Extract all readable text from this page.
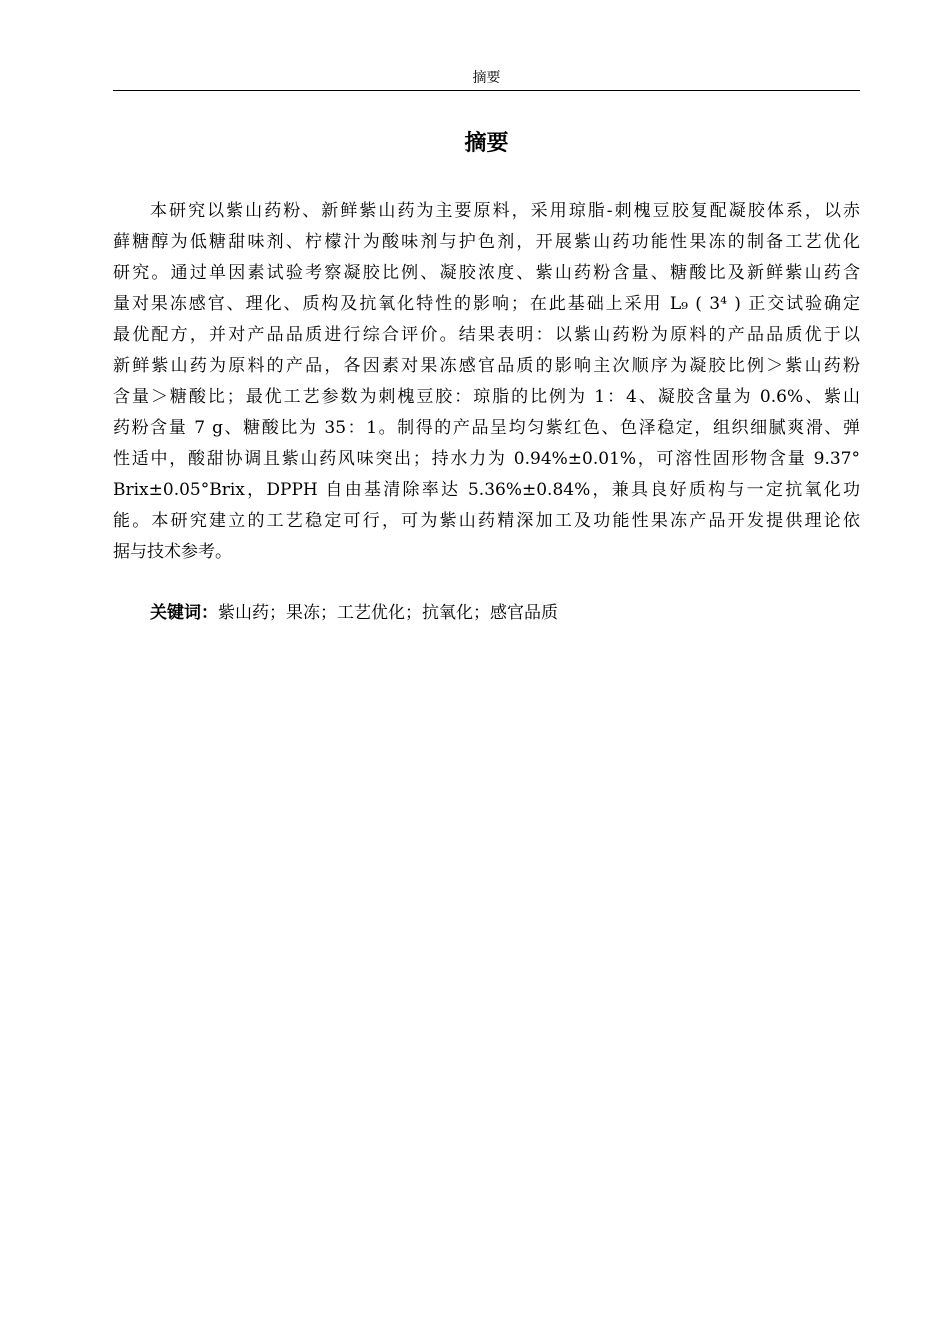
摘要
摘要
本研究以紫山药粉、新鲜紫山药为主要原料，采用琼脂-刺槐豆胶复配凝胶体系，以赤
藓糖醇为低糖甜味剂、柠檬汁为酸味剂与护色剂，开展紫山药功能性果冻的制备工艺优化
研究。通过单因素试验考察凝胶比例、凝胶浓度、紫山药粉含量、糖酸比及新鲜紫山药含
量对果冻感官、理化、质构及抗氧化特性的影响；在此基础上采用 L₉ ( 3⁴ ) 正交试验确定
最优配方，并对产品品质进行综合评价。结果表明：以紫山药粉为原料的产品品质优于以
新鲜紫山药为原料的产品，各因素对果冻感官品质的影响主次顺序为凝胶比例＞紫山药粉
含量＞糖酸比；最优工艺参数为刺槐豆胶：琼脂的比例为 1：4、凝胶含量为 0.6%、紫山
药粉含量 7 g、糖酸比为 35：1。制得的产品呈均匀紫红色、色泽稳定，组织细腻爽滑、弹
性适中，酸甜协调且紫山药风味突出；持水力为 0.94%±0.01%，可溶性固形物含量 9.37°
Brix±0.05°Brix，DPPH 自由基清除率达 5.36%±0.84%，兼具良好质构与一定抗氧化功
能。本研究建立的工艺稳定可行，可为紫山药精深加工及功能性果冻产品开发提供理论依
据与技术参考。
关键词：紫山药；果冻；工艺优化；抗氧化；感官品质
